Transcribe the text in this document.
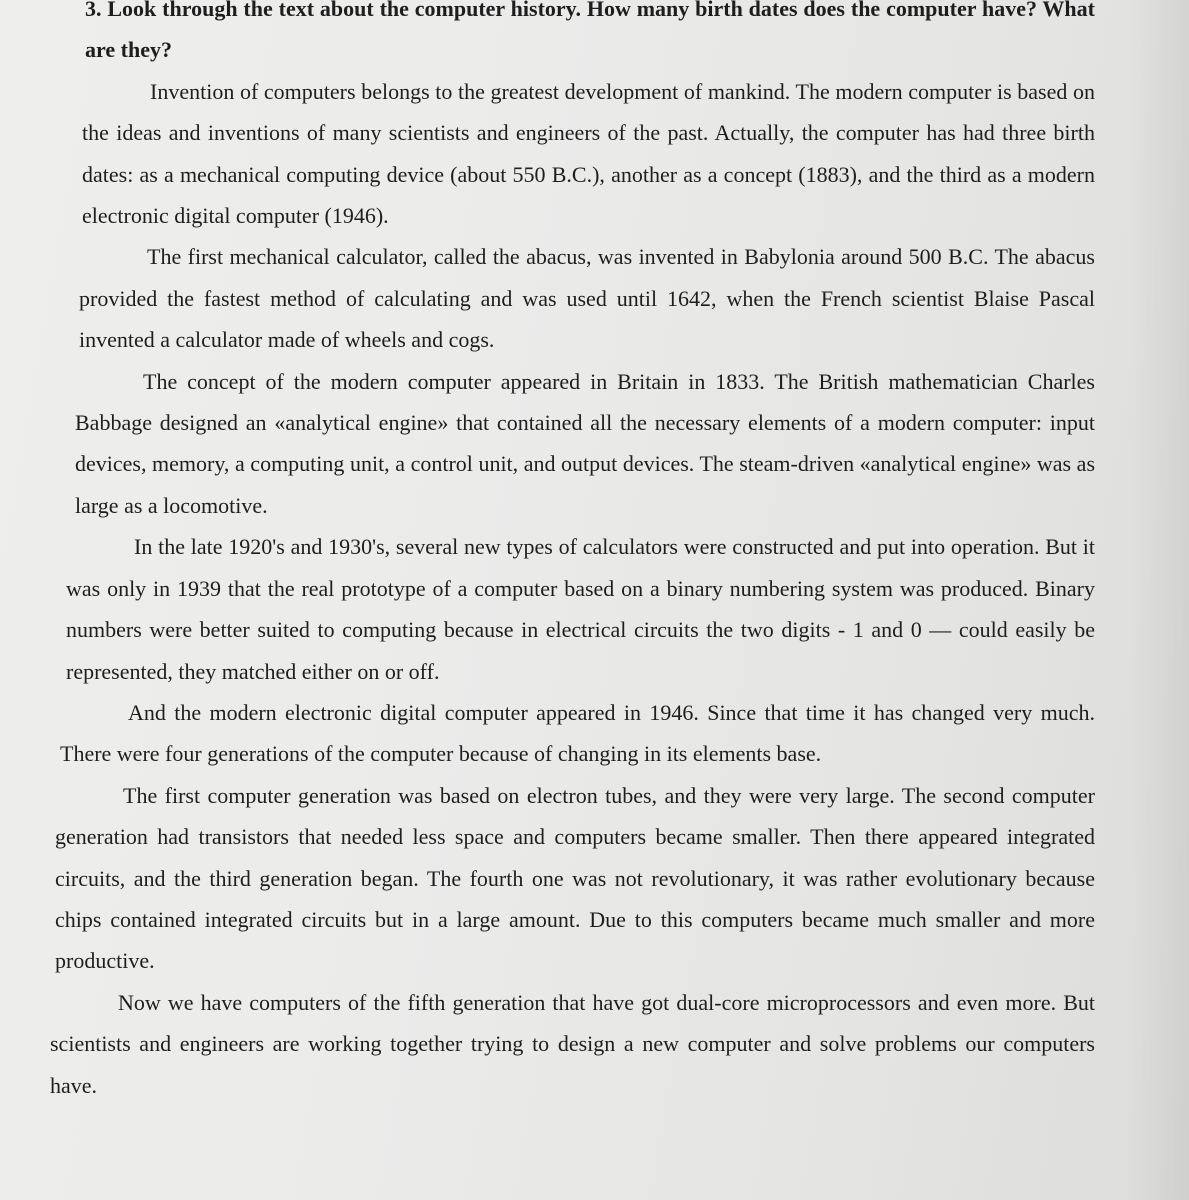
3. Look through the text about the computer history. How many birth dates does the computer have? What are they?

Invention of computers belongs to the greatest development of mankind. The modern computer is based on the ideas and inventions of many scientists and engineers of the past. Actually, the computer has had three birth dates: as a mechanical computing device (about 550 B.C.), another as a concept (1883), and the third as a modern electronic digital computer (1946).

The first mechanical calculator, called the abacus, was invented in Babylonia around 500 B.C. The abacus provided the fastest method of calculating and was used until 1642, when the French scientist Blaise Pascal invented a calculator made of wheels and cogs.

The concept of the modern computer appeared in Britain in 1833. The British mathematician Charles Babbage designed an «analytical engine» that contained all the necessary elements of a modern computer: input devices, memory, a computing unit, a control unit, and output devices. The steam-driven «analytical engine» was as large as a locomotive.

In the late 1920's and 1930's, several new types of calculators were constructed and put into operation. But it was only in 1939 that the real prototype of a computer based on a binary numbering system was produced. Binary numbers were better suited to computing because in electrical circuits the two digits - 1 and 0 — could easily be represented, they matched either on or off.

And the modern electronic digital computer appeared in 1946. Since that time it has changed very much. There were four generations of the computer because of changing in its elements base.

The first computer generation was based on electron tubes, and they were very large. The second computer generation had transistors that needed less space and computers became smaller. Then there appeared integrated circuits, and the third generation began. The fourth one was not revolutionary, it was rather evolutionary because chips contained integrated circuits but in a large amount. Due to this computers became much smaller and more productive.

Now we have computers of the fifth generation that have got dual-core microprocessors and even more. But scientists and engineers are working together trying to design a new computer and solve problems our computers have.
